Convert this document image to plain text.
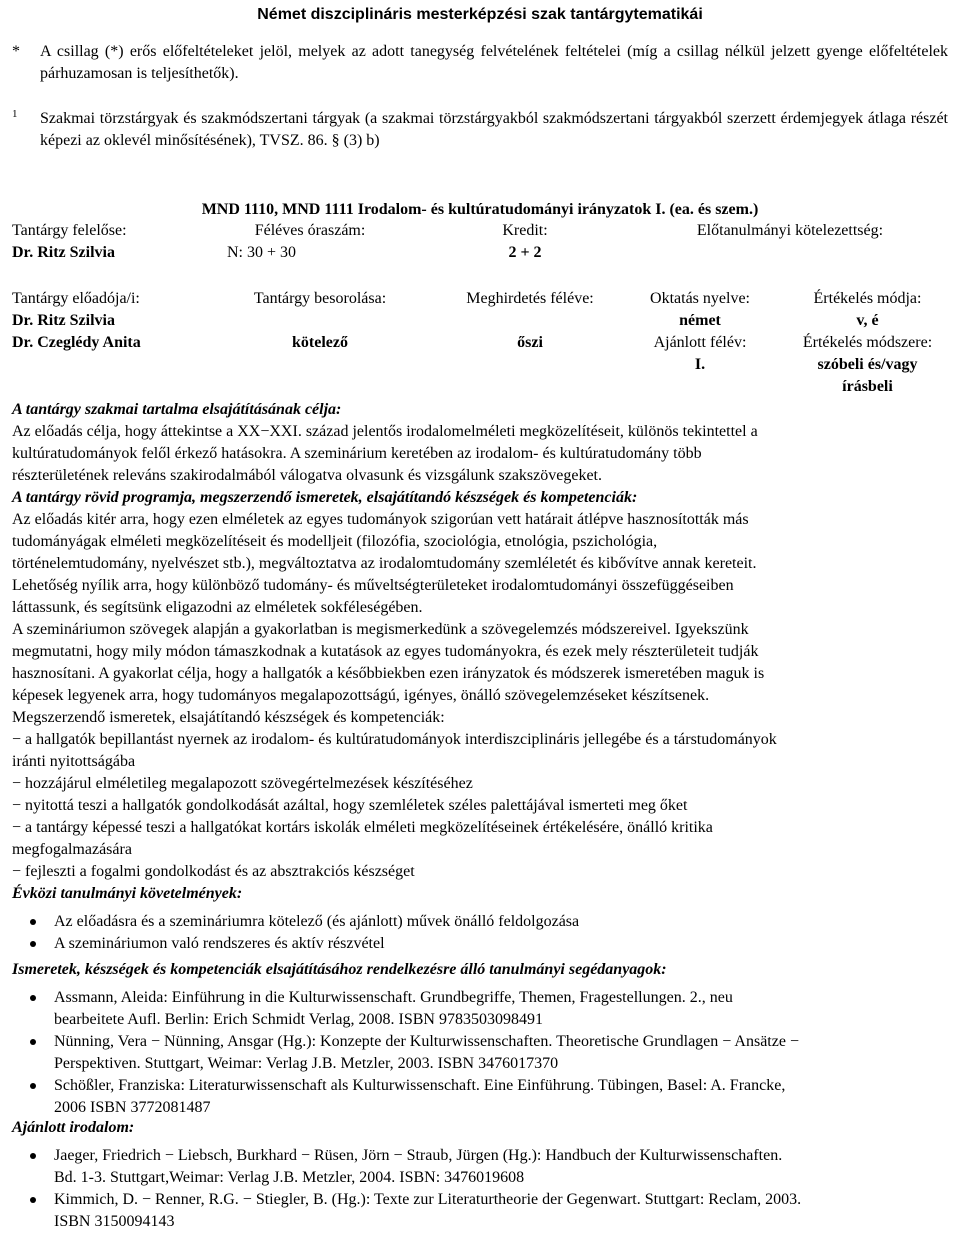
Német diszciplináris mesterképzési szak tantárgytematikái
*	A csillag (*) erős előfeltételeket jelöl, melyek az adott tanegység felvételének feltételei (míg a csillag nélkül jelzett gyenge előfeltételek párhuzamosan is teljesíthetők).
1	Szakmai törzstárgyak és szakmódszertani tárgyak (a szakmai törzstárgyakból szakmódszertani tárgyakból szerzett érdemjegyek átlaga részét képezi az oklevél minősítésének), TVSZ. 86. § (3) b)
MND 1110, MND 1111 Irodalom- és kultúratudományi irányzatok I. (ea. és szem.)
Tantárgy felelőse:
Dr. Ritz Szilvia
Féléves óraszám:
N: 30 + 30
Kredit:
2 + 2
Előtanulmányi kötelezettség:
Tantárgy előadója/i:
Dr. Ritz Szilvia
Dr. Czeglédy Anita
Tantárgy besorolása:
kötelező
Meghirdetés féléve:
őszi
Oktatás nyelve:
német
Ajánlott félév:
I.
Értékelés módja:
v, é
Értékelés módszere:
szóbeli és/vagy
írásbeli
A tantárgy szakmai tartalma elsajátításának célja:
Az előadás célja, hogy áttekintse a XX−XXI. század jelentős irodalomelméleti megközelítéseit, különös tekintettel a
kultúratudományok felől érkező hatásokra. A szeminárium keretében az irodalom- és kultúratudomány több
részterületének releváns szakirodalmából válogatva olvasunk és vizsgálunk szakszövegeket.
A tantárgy rövid programja, megszerzendő ismeretek, elsajátítandó készségek és kompetenciák:
Az előadás kitér arra, hogy ezen elméletek az egyes tudományok szigorúan vett határait átlépve hasznosították más
tudományágak elméleti megközelítéseit és modelljeit (filozófia, szociológia, etnológia, pszichológia,
történelemtudomány, nyelvészet stb.), megváltoztatva az irodalomtudomány szemléletét és kibővítve annak kereteit.
Lehetőség nyílik arra, hogy különböző tudomány- és műveltségterületeket irodalomtudományi összefüggéseiben
láttassunk, és segítsünk eligazodni az elméletek sokféleségében.
A szemináriumon szövegek alapján a gyakorlatban is megismerkedünk a szövegelemzés módszereivel. Igyekszünk
megmutatni, hogy mily módon támaszkodnak a kutatások az egyes tudományokra, és ezek mely részterületeit tudják
hasznosítani. A gyakorlat célja, hogy a hallgatók a későbbiekben ezen irányzatok és módszerek ismeretében maguk is
képesek legyenek arra, hogy tudományos megalapozottságú, igényes, önálló szövegelemzéseket készítsenek.
Megszerzendő ismeretek, elsajátítandó készségek és kompetenciák:
− a hallgatók bepillantást nyernek az irodalom- és kultúratudományok interdiszciplináris jellegébe és a társtudományok
iránti nyitottságába
− hozzájárul elméletileg megalapozott szövegértelmezések készítéséhez
− nyitottá teszi a hallgatók gondolkodását azáltal, hogy szemléletek széles palettájával ismerteti meg őket
− a tantárgy képessé teszi a hallgatókat kortárs iskolák elméleti megközelítéseinek értékelésére, önálló kritika
megfogalmazására
− fejleszti a fogalmi gondolkodást és az absztrakciós készséget
Évközi tanulmányi követelmények:
Az előadásra és a szemináriumra kötelező (és ajánlott) művek önálló feldolgozása
A szemináriumon való rendszeres és aktív részvétel
Ismeretek, készségek és kompetenciák elsajátításához rendelkezésre álló tanulmányi segédanyagok:
Assmann, Aleida: Einführung in die Kulturwissenschaft. Grundbegriffe, Themen, Fragestellungen. 2., neu
bearbeitete Aufl. Berlin: Erich Schmidt Verlag, 2008. ISBN 9783503098491
Nünning, Vera − Nünning, Ansgar (Hg.): Konzepte der Kulturwissenschaften. Theoretische Grundlagen − Ansätze −
Perspektiven. Stuttgart, Weimar: Verlag J.B. Metzler, 2003. ISBN 3476017370
Schößler, Franziska: Literaturwissenschaft als Kulturwissenschaft. Eine Einführung. Tübingen, Basel: A. Francke,
2006 ISBN 3772081487
Ajánlott irodalom:
Jaeger, Friedrich − Liebsch, Burkhard − Rüsen, Jörn − Straub, Jürgen (Hg.): Handbuch der Kulturwissenschaften.
Bd. 1-3. Stuttgart,Weimar: Verlag J.B. Metzler, 2004. ISBN: 3476019608
Kimmich, D. − Renner, R.G. − Stiegler, B. (Hg.): Texte zur Literaturtheorie der Gegenwart. Stuttgart: Reclam, 2003.
ISBN 3150094143
